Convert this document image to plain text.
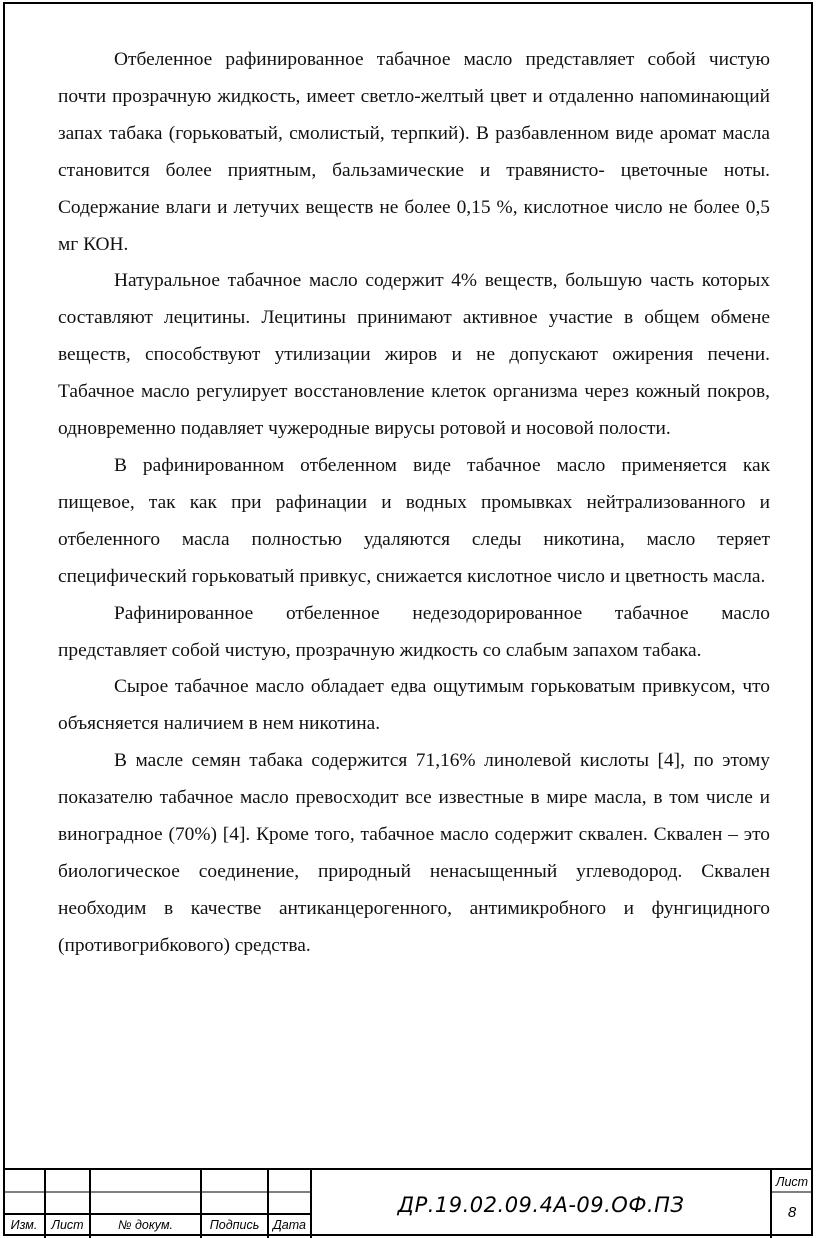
Отбеленное рафинированное табачное масло представляет собой чистую почти прозрачную жидкость, имеет светло-желтый цвет и отдаленно напоминающий запах табака (горьковатый, смолистый, терпкий). В разбавленном виде аромат масла становится более приятным, бальзамические и травянисто- цветочные ноты. Содержание влаги и летучих веществ не более 0,15 %, кислотное число не более 0,5 мг КОН.

Натуральное табачное масло содержит 4% веществ, большую часть которых составляют лецитины. Лецитины принимают активное участие в общем обмене веществ, способствуют утилизации жиров и не допускают ожирения печени. Табачное масло регулирует восстановление клеток организма через кожный покров, одновременно подавляет чужеродные вирусы ротовой и носовой полости.

В рафинированном отбеленном виде табачное масло применяется как пищевое, так как при рафинации и водных промывках нейтрализованного и отбеленного масла полностью удаляются следы никотина, масло теряет специфический горьковатый привкус, снижается кислотное число и цветность масла.

Рафинированное отбеленное недезодорированное табачное масло представляет собой чистую, прозрачную жидкость со слабым запахом табака.

Сырое табачное масло обладает едва ощутимым горьковатым привкусом, что объясняется наличием в нем никотина.

В масле семян табака содержится 71,16% линолевой кислоты [4], по этому показателю табачное масло превосходит все известные в мире масла, в том числе и виноградное (70%) [4]. Кроме того, табачное масло содержит сквален. Сквален – это биологическое соединение, природный ненасыщенный углеводород. Сквален необходим в качестве антиканцерогенного, антимикробного и фунгицидного (противогрибкового) средства.

Изм.	Лист	№ докум.	Подпись	Дата
ДР.19.02.09.4А-09.ОФ.ПЗ
Лист
8
